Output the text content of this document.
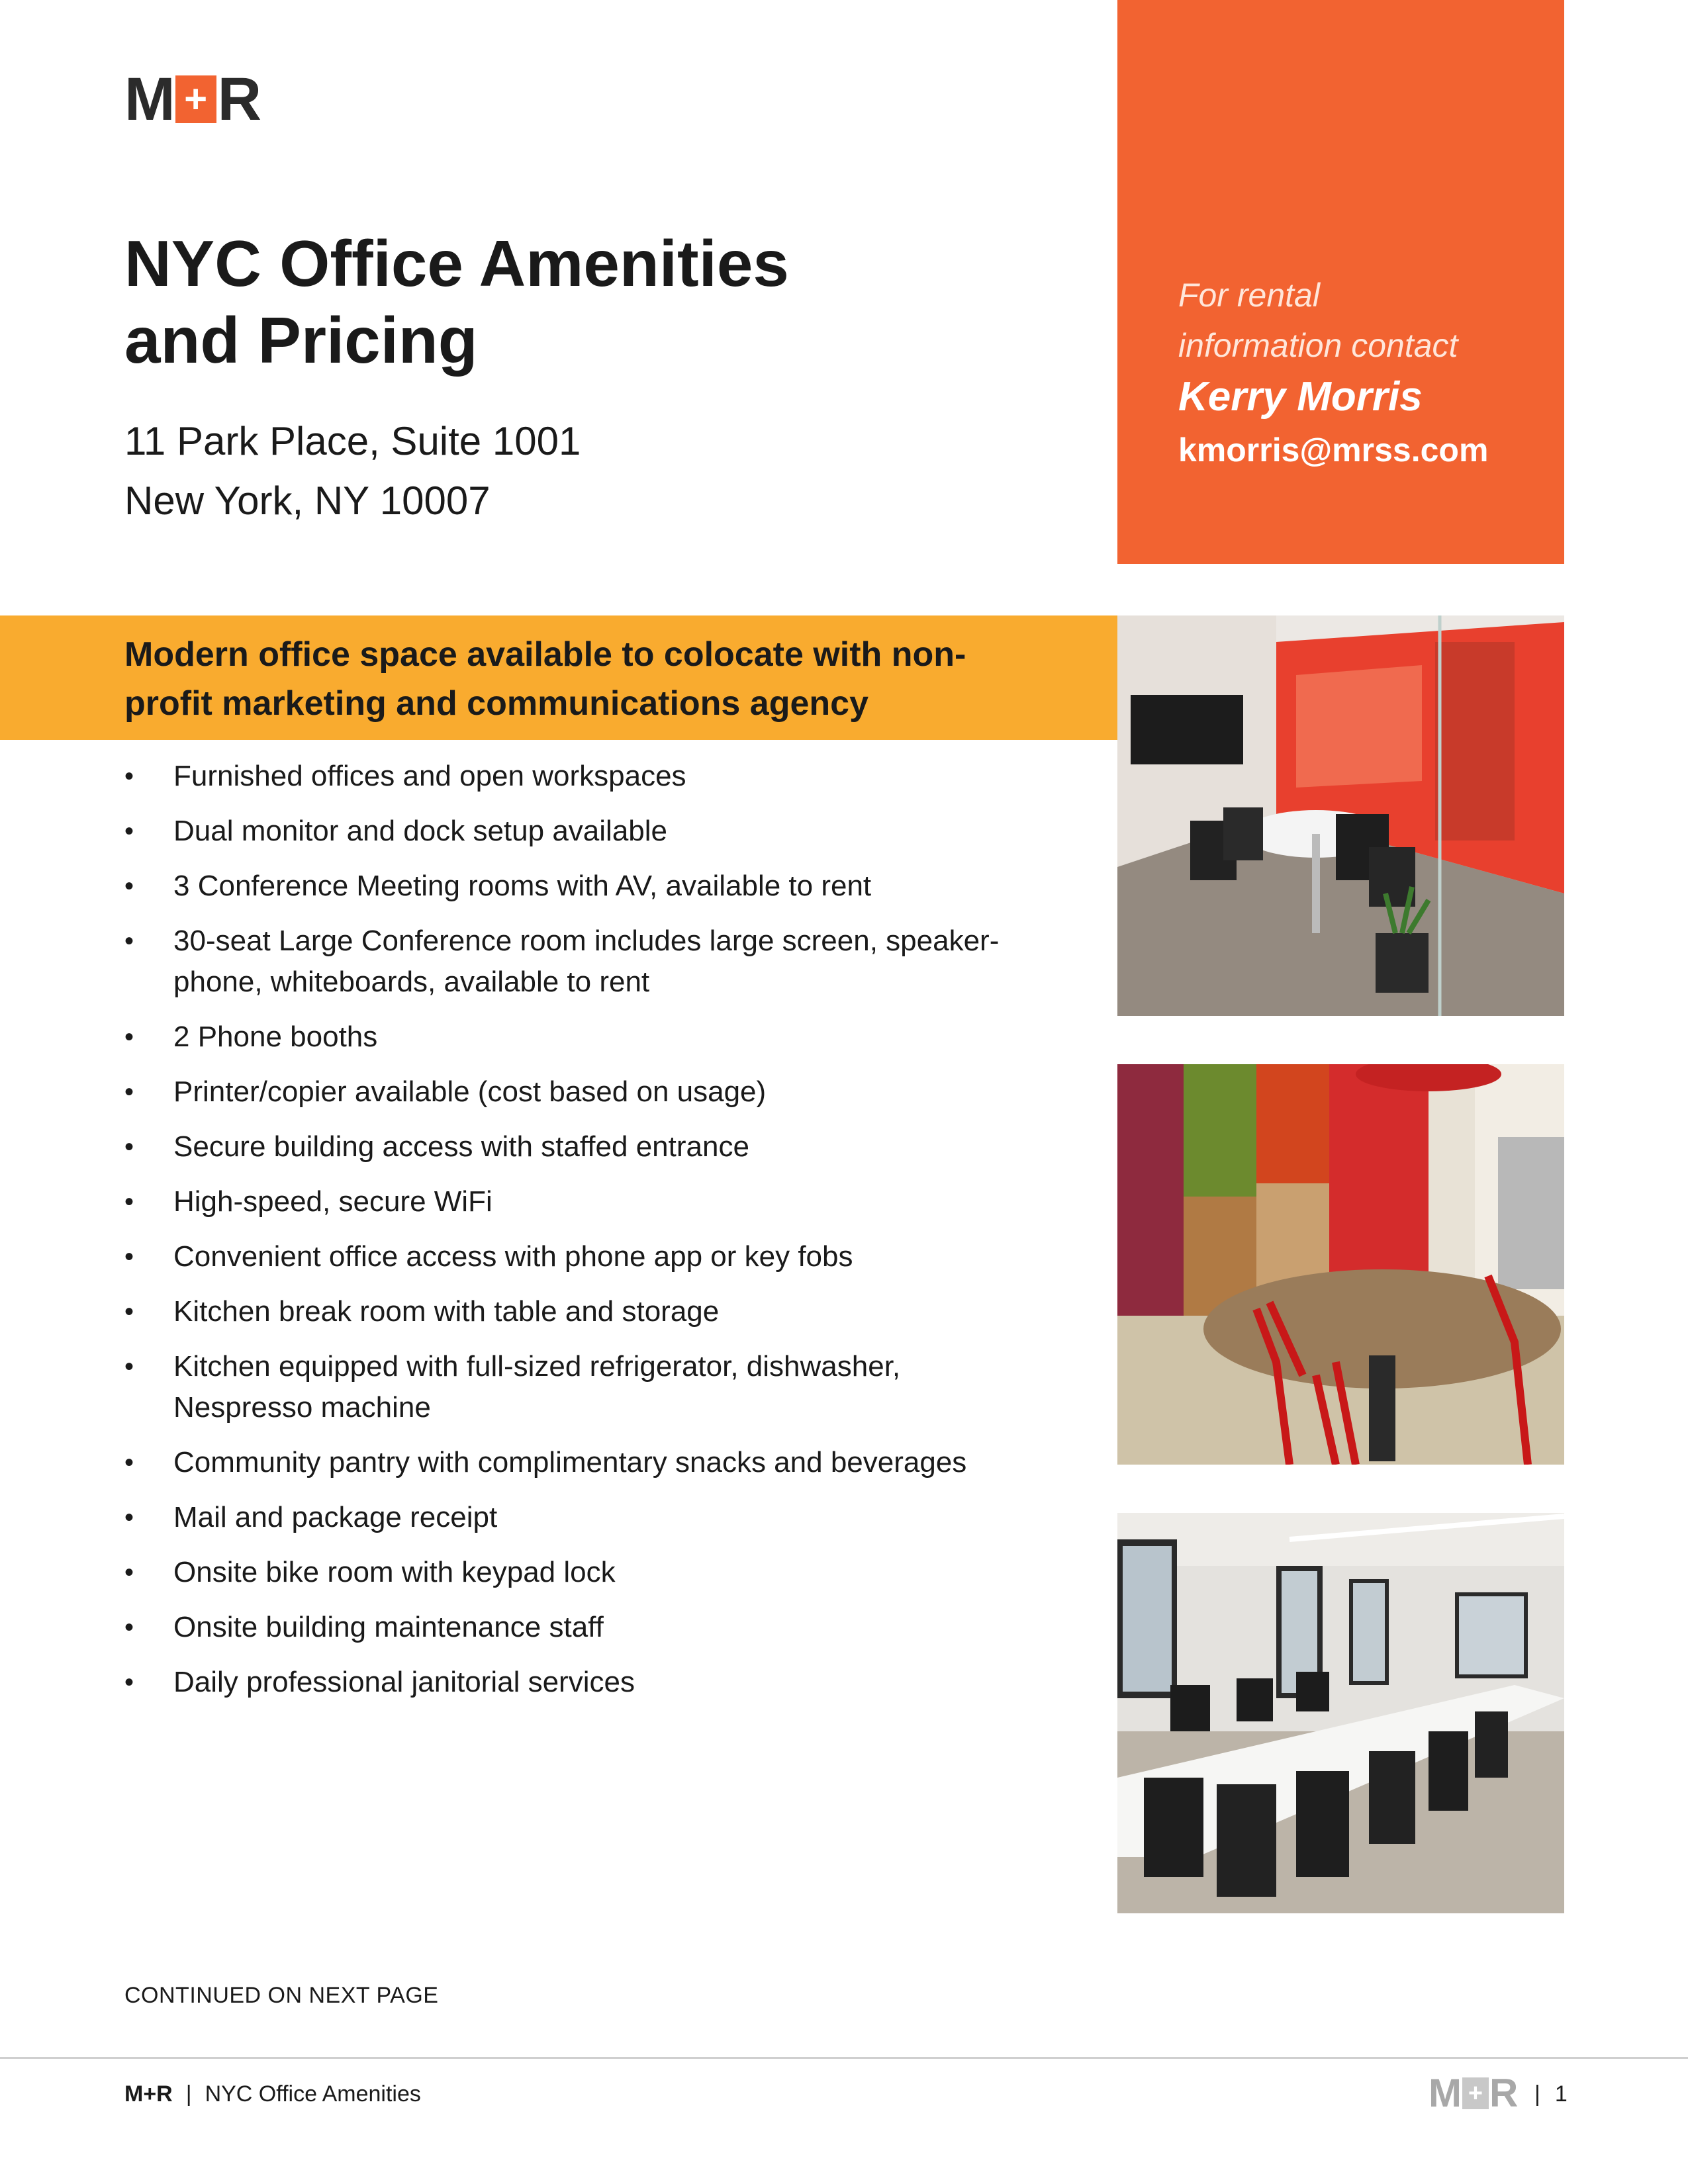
M + R
NYC Office Amenities
and Pricing
11 Park Place, Suite 1001
New York, NY 10007
For rental
information contact
Kerry Morris
kmorris@mrss.com
Modern office space available to colocate with non-
profit marketing and communications agency
• Furnished offices and open workspaces
• Dual monitor and dock setup available
• 3 Conference Meeting rooms with AV, available to rent
• 30-seat Large Conference room includes large screen, speaker-
phone, whiteboards, available to rent
• 2 Phone booths
• Printer/copier available (cost based on usage)
• Secure building access with staffed entrance
• High-speed, secure WiFi
• Convenient office access with phone app or key fobs
• Kitchen break room with table and storage
• Kitchen equipped with full-sized refrigerator, dishwasher,
Nespresso machine
• Community pantry with complimentary snacks and beverages
• Mail and package receipt
• Onsite bike room with keypad lock
• Onsite building maintenance staff
• Daily professional janitorial services
CONTINUED ON NEXT PAGE
M+R | NYC Office Amenities	M + R | 1
